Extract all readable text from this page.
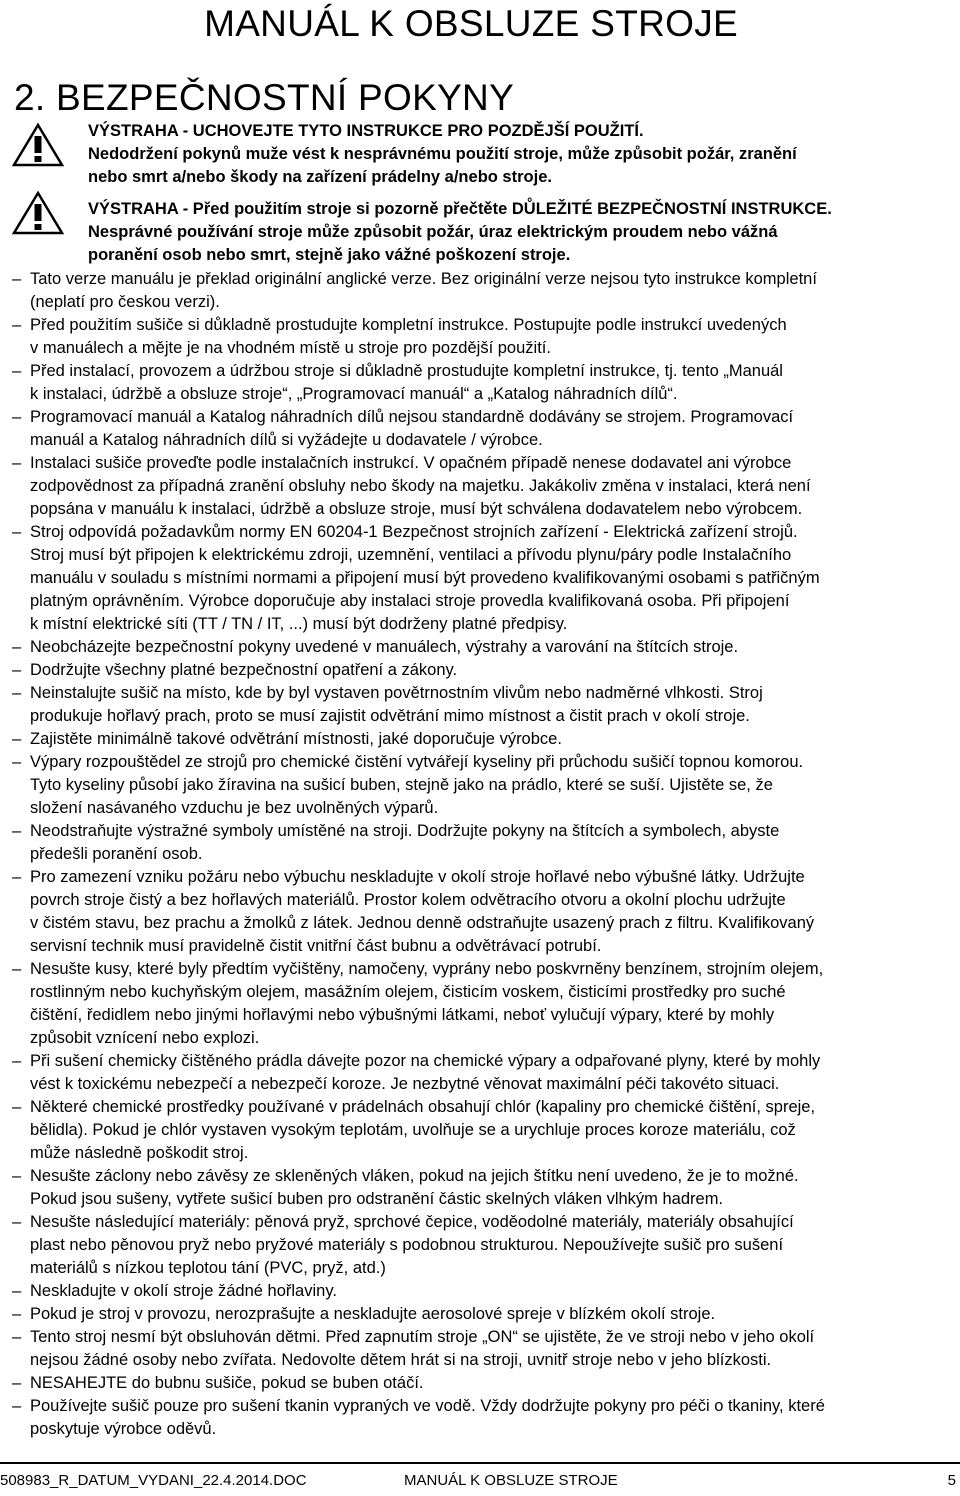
MANUÁL K OBSLUZE STROJE
2. BEZPEČNOSTNÍ POKYNY
VÝSTRAHA - UCHOVEJTE TYTO INSTRUKCE PRO POZDĚJŠÍ POUŽITÍ.
Nedodržení pokynů muže vést k nesprávnému použití stroje, může způsobit požár, zranění
nebo smrt a/nebo škody na zařízení prádelny a/nebo stroje.
VÝSTRAHA - Před použitím stroje si pozorně přečtěte DŮLEŽITÉ BEZPEČNOSTNÍ INSTRUKCE.
Nesprávné používání stroje může způsobit požár, úraz elektrickým proudem nebo vážná
poranění osob nebo smrt, stejně jako vážné poškození stroje.
– Tato verze manuálu je překlad originální anglické verze. Bez originální verze nejsou tyto instrukce kompletní
(neplatí pro českou verzi).
– Před použitím sušiče si důkladně prostudujte kompletní instrukce. Postupujte podle instrukcí uvedených
v manuálech a mějte je na vhodném místě u stroje pro pozdější použití.
– Před instalací, provozem a údržbou stroje si důkladně prostudujte kompletní instrukce, tj. tento „Manuál
k instalaci, údržbě a obsluze stroje“, „Programovací manuál“ a „Katalog náhradních dílů“.
– Programovací manuál a Katalog náhradních dílů nejsou standardně dodávány se strojem. Programovací
manuál a Katalog náhradních dílů si vyžádejte u dodavatele / výrobce.
– Instalaci sušiče proveďte podle instalačních instrukcí. V opačném případě nenese dodavatel ani výrobce
zodpovědnost za případná zranění obsluhy nebo škody na majetku. Jakákoliv změna v instalaci, která není
popsána v manuálu k instalaci, údržbě a obsluze stroje, musí být schválena dodavatelem nebo výrobcem.
– Stroj odpovídá požadavkům normy EN 60204-1 Bezpečnost strojních zařízení - Elektrická zařízení strojů.
Stroj musí být připojen k elektrickému zdroji, uzemnění, ventilaci a přívodu plynu/páry podle Instalačního
manuálu v souladu s místními normami a připojení musí být provedeno kvalifikovanými osobami s patřičným
platným oprávněním. Výrobce doporučuje aby instalaci stroje provedla kvalifikovaná osoba. Při připojení
k místní elektrické síti (TT / TN / IT, ...) musí být dodrženy platné předpisy.
– Neobcházejte bezpečnostní pokyny uvedené v manuálech, výstrahy a varování na štítcích stroje.
– Dodržujte všechny platné bezpečnostní opatření a zákony.
– Neinstalujte sušič na místo, kde by byl vystaven povětrnostním vlivům nebo nadměrné vlhkosti. Stroj
produkuje hořlavý prach, proto se musí zajistit odvětrání mimo místnost a čistit prach v okolí stroje.
– Zajistěte minimálně takové odvětrání místnosti, jaké doporučuje výrobce.
– Výpary rozpouštědel ze strojů pro chemické čistění vytvářejí kyseliny při průchodu sušičí topnou komorou.
Tyto kyseliny působí jako žíravina na sušicí buben, stejně jako na prádlo, které se suší. Ujistěte se, že
složení nasávaného vzduchu je bez uvolněných výparů.
– Neodstraňujte výstražné symboly umístěné na stroji. Dodržujte pokyny na štítcích a symbolech, abyste
předešli poranění osob.
– Pro zamezení vzniku požáru nebo výbuchu neskladujte v okolí stroje hořlavé nebo výbušné látky. Udržujte
povrch stroje čistý a bez hořlavých materiálů. Prostor kolem odvětracího otvoru a okolní plochu udržujte
v čistém stavu, bez prachu a žmolků z látek. Jednou denně odstraňujte usazený prach z filtru. Kvalifikovaný
servisní technik musí pravidelně čistit vnitřní část bubnu a odvětrávací potrubí.
– Nesušte kusy, které byly předtím vyčištěny, namočeny, vyprány nebo poskvrněny benzínem, strojním olejem,
rostlinným nebo kuchyňským olejem, masážním olejem, čisticím voskem, čisticími prostředky pro suché
čištění, ředidlem nebo jinými hořlavými nebo výbušnými látkami, neboť vylučují výpary, které by mohly
způsobit vznícení nebo explozi.
– Při sušení chemicky čištěného prádla dávejte pozor na chemické výpary a odpařované plyny, které by mohly
vést k toxickému nebezpečí a nebezpečí koroze. Je nezbytné věnovat maximální péči takovéto situaci.
– Některé chemické prostředky používané v prádelnách obsahují chlór (kapaliny pro chemické čištění, spreje,
bělidla). Pokud je chlór vystaven vysokým teplotám, uvolňuje se a urychluje proces koroze materiálu, což
může následně poškodit stroj.
– Nesušte záclony nebo závěsy ze skleněných vláken, pokud na jejich štítku není uvedeno, že je to možné.
Pokud jsou sušeny, vytřete sušicí buben pro odstranění částic skelných vláken vlhkým hadrem.
– Nesušte následující materiály: pěnová pryž, sprchové čepice, voděodolné materiály, materiály obsahující
plast nebo pěnovou pryž nebo pryžové materiály s podobnou strukturou. Nepoužívejte sušič pro sušení
materiálů s nízkou teplotou tání (PVC, pryž, atd.)
– Neskladujte v okolí stroje žádné hořlaviny.
– Pokud je stroj v provozu, nerozprašujte a neskladujte aerosolové spreje v blízkém okolí stroje.
– Tento stroj nesmí být obsluhován dětmi. Před zapnutím stroje „ON“ se ujistěte, že ve stroji nebo v jeho okolí
nejsou žádné osoby nebo zvířata. Nedovolte dětem hrát si na stroji, uvnitř stroje nebo v jeho blízkosti.
– NESAHEJTE do bubnu sušiče, pokud se buben otáčí.
– Používejte sušič pouze pro sušení tkanin vypraných ve vodě. Vždy dodržujte pokyny pro péči o tkaniny, které
poskytuje výrobce oděvů.
508983_R_DATUM_VYDANI_22.4.2014.DOC	MANUÁL K OBSLUZE STROJE	5
